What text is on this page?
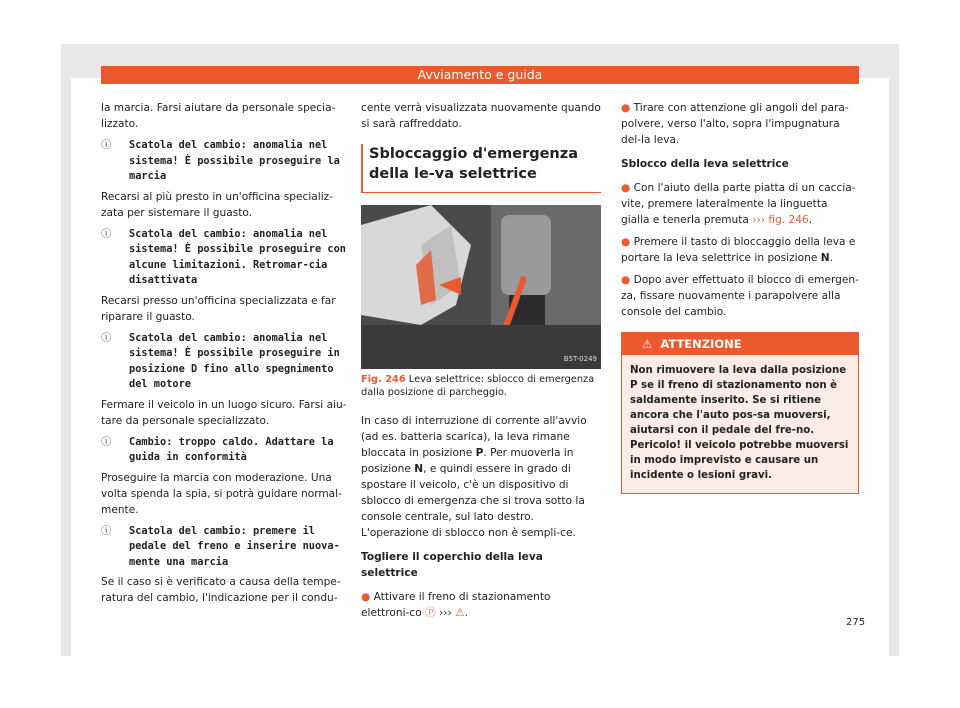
Avviamento e guida

la marcia. Farsi aiutare da personale specia-lizzato.

ⓘ Scatola del cambio: anomalia nel sistema! È possibile proseguire la marcia

Recarsi al più presto in un'officina specializ-zata per sistemare il guasto.

ⓘ Scatola del cambio: anomalia nel sistema! È possibile proseguire con alcune limitazioni. Retromar-cia disattivata

Recarsi presso un'officina specializzata e far riparare il guasto.

ⓘ Scatola del cambio: anomalia nel sistema! È possibile proseguire in posizione D fino allo spegnimento del motore

Fermare il veicolo in un luogo sicuro. Farsi aiu-tare da personale specializzato.

ⓘ Cambio: troppo caldo. Adattare la guida in conformità

Proseguire la marcia con moderazione. Una volta spenda la spia, si potrà guidare normal-mente.

ⓘ Scatola del cambio: premere il pedale del freno e inserire nuova-mente una marcia

Se il caso si è verificato a causa della tempe-ratura del cambio, l'indicazione per il condu-

cente verrà visualizzata nuovamente quando si sarà raffreddato.

Sbloccaggio d'emergenza della le-va selettrice
B5T-0249
Fig. 246 Leva selettrice: sblocco di emergenza dalla posizione di parcheggio.

In caso di interruzione di corrente all'avvio (ad es. batteria scarica), la leva rimane bloccata in posizione P. Per muoverla in posizione N, e quindi essere in grado di spostare il veicolo, c'è un dispositivo di sblocco di emergenza che si trova sotto la console centrale, sul lato destro. L'operazione di sblocco non è sempli-ce.

Togliere il coperchio della leva selettrice
● Attivare il freno di stazionamento elettroni-co Ⓟ ››› ⚠.
● Tirare con attenzione gli angoli del para-polvere, verso l'alto, sopra l'impugnatura del-la leva.
Sblocco della leva selettrice
● Con l'aiuto della parte piatta di un caccia-vite, premere lateralmente la linguetta gialla e tenerla premuta ››› fig. 246.
● Premere il tasto di bloccaggio della leva e portare la leva selettrice in posizione N.
● Dopo aver effettuato il blocco di emergen-za, fissare nuovamente i parapolvere alla console del cambio.
⚠ ATTENZIONE
Non rimuovere la leva dalla posizione P se il freno di stazionamento non è saldamente inserito. Se si ritiene ancora che l'auto pos-sa muoversi, aiutarsi con il pedale del fre-no. Pericolo! il veicolo potrebbe muoversi in modo imprevisto e causare un incidente o lesioni gravi.
275
